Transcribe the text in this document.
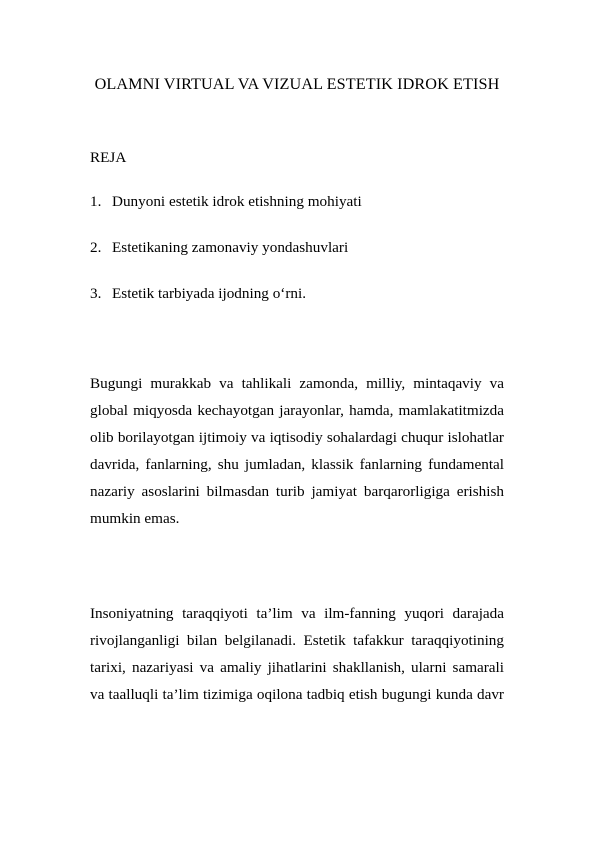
OLAMNI VIRTUAL VA VIZUAL ESTETIK IDROK ETISH
REJA
1. Dunyoni estetik idrok etishning mohiyati
2. Estetikaning zamonaviy yondashuvlari
3. Estetik tarbiyada ijodning o‘rni.

Bugungi murakkab va tahlikali zamonda, milliy, mintaqaviy va global miqyosda kechayotgan jarayonlar, hamda, mamlakatitmizda olib borilayotgan ijtimoiy va iqtisodiy sohalardagi chuqur islohatlar davrida, fanlarning, shu jumladan, klassik fanlarning fundamental nazariy asoslarini bilmasdan turib jamiyat barqarorligiga erishish mumkin emas.

Insoniyatning taraqqiyoti ta’lim va ilm-fanning yuqori darajada rivojlanganligi bilan belgilanadi. Estetik tafakkur taraqqiyotining tarixi, nazariyasi va amaliy jihatlarini shakllanish, ularni samarali va taalluqli ta’lim tizimiga oqilona tadbiq etish bugungi kunda davr
